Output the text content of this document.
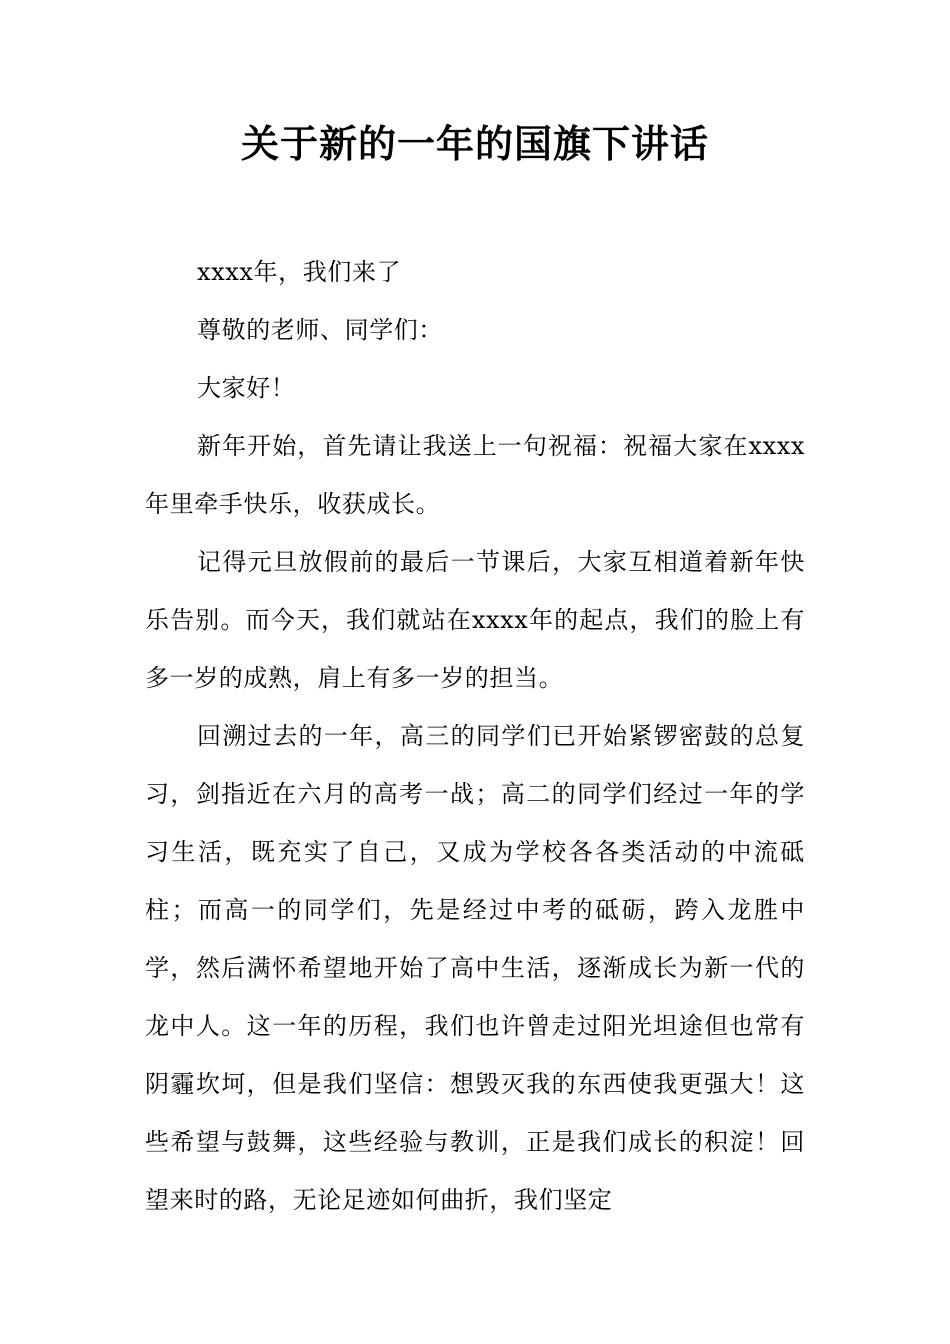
关于新的一年的国旗下讲话

xxxx年，我们来了

尊敬的老师、同学们：

大家好！

新年开始，首先请让我送上一句祝福：祝福大家在xxxx年里牵手快乐，收获成长。

记得元旦放假前的最后一节课后，大家互相道着新年快乐告别。而今天，我们就站在xxxx年的起点，我们的脸上有多一岁的成熟，肩上有多一岁的担当。

回溯过去的一年，高三的同学们已开始紧锣密鼓的总复习，剑指近在六月的高考一战；高二的同学们经过一年的学习生活，既充实了自己，又成为学校各各类活动的中流砥柱；而高一的同学们，先是经过中考的砥砺，跨入龙胜中学，然后满怀希望地开始了高中生活，逐渐成长为新一代的龙中人。这一年的历程，我们也许曾走过阳光坦途但也常有阴霾坎坷，但是我们坚信：想毁灭我的东西使我更强大！这些希望与鼓舞，这些经验与教训，正是我们成长的积淀！回望来时的路，无论足迹如何曲折，我们坚定
